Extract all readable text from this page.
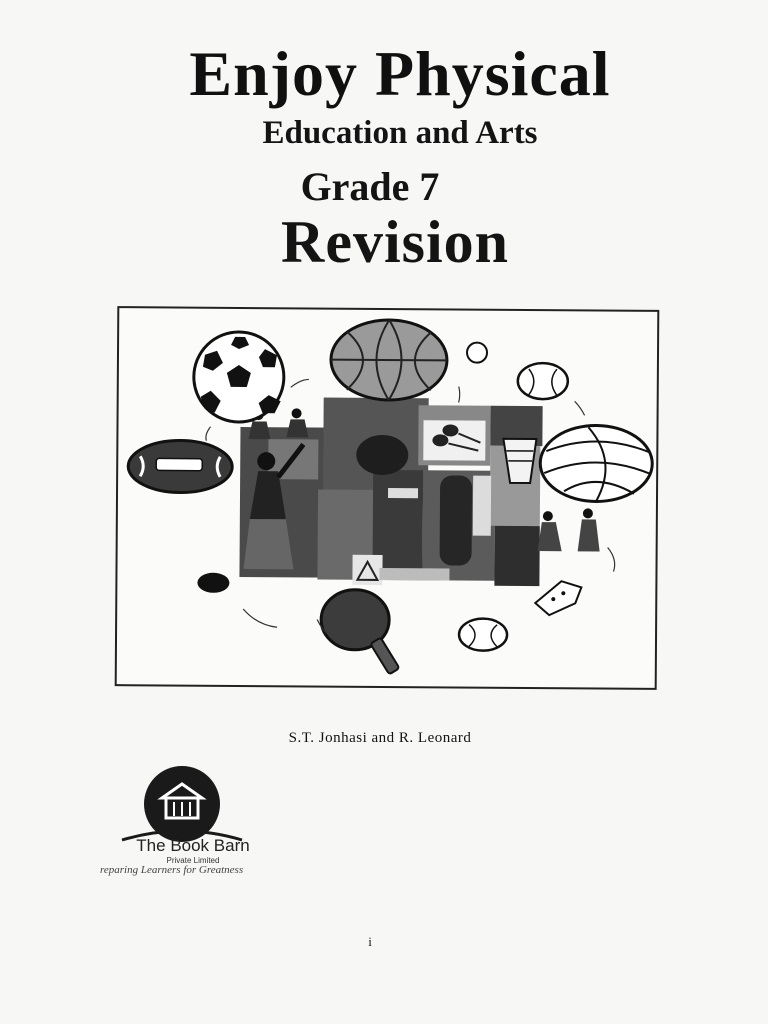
Enjoy Physical
Education and Arts
Grade 7
Revision
S.T. Jonhasi and R. Leonard
The Book Barn
Private Limited
reparing Learners for Greatness
i
